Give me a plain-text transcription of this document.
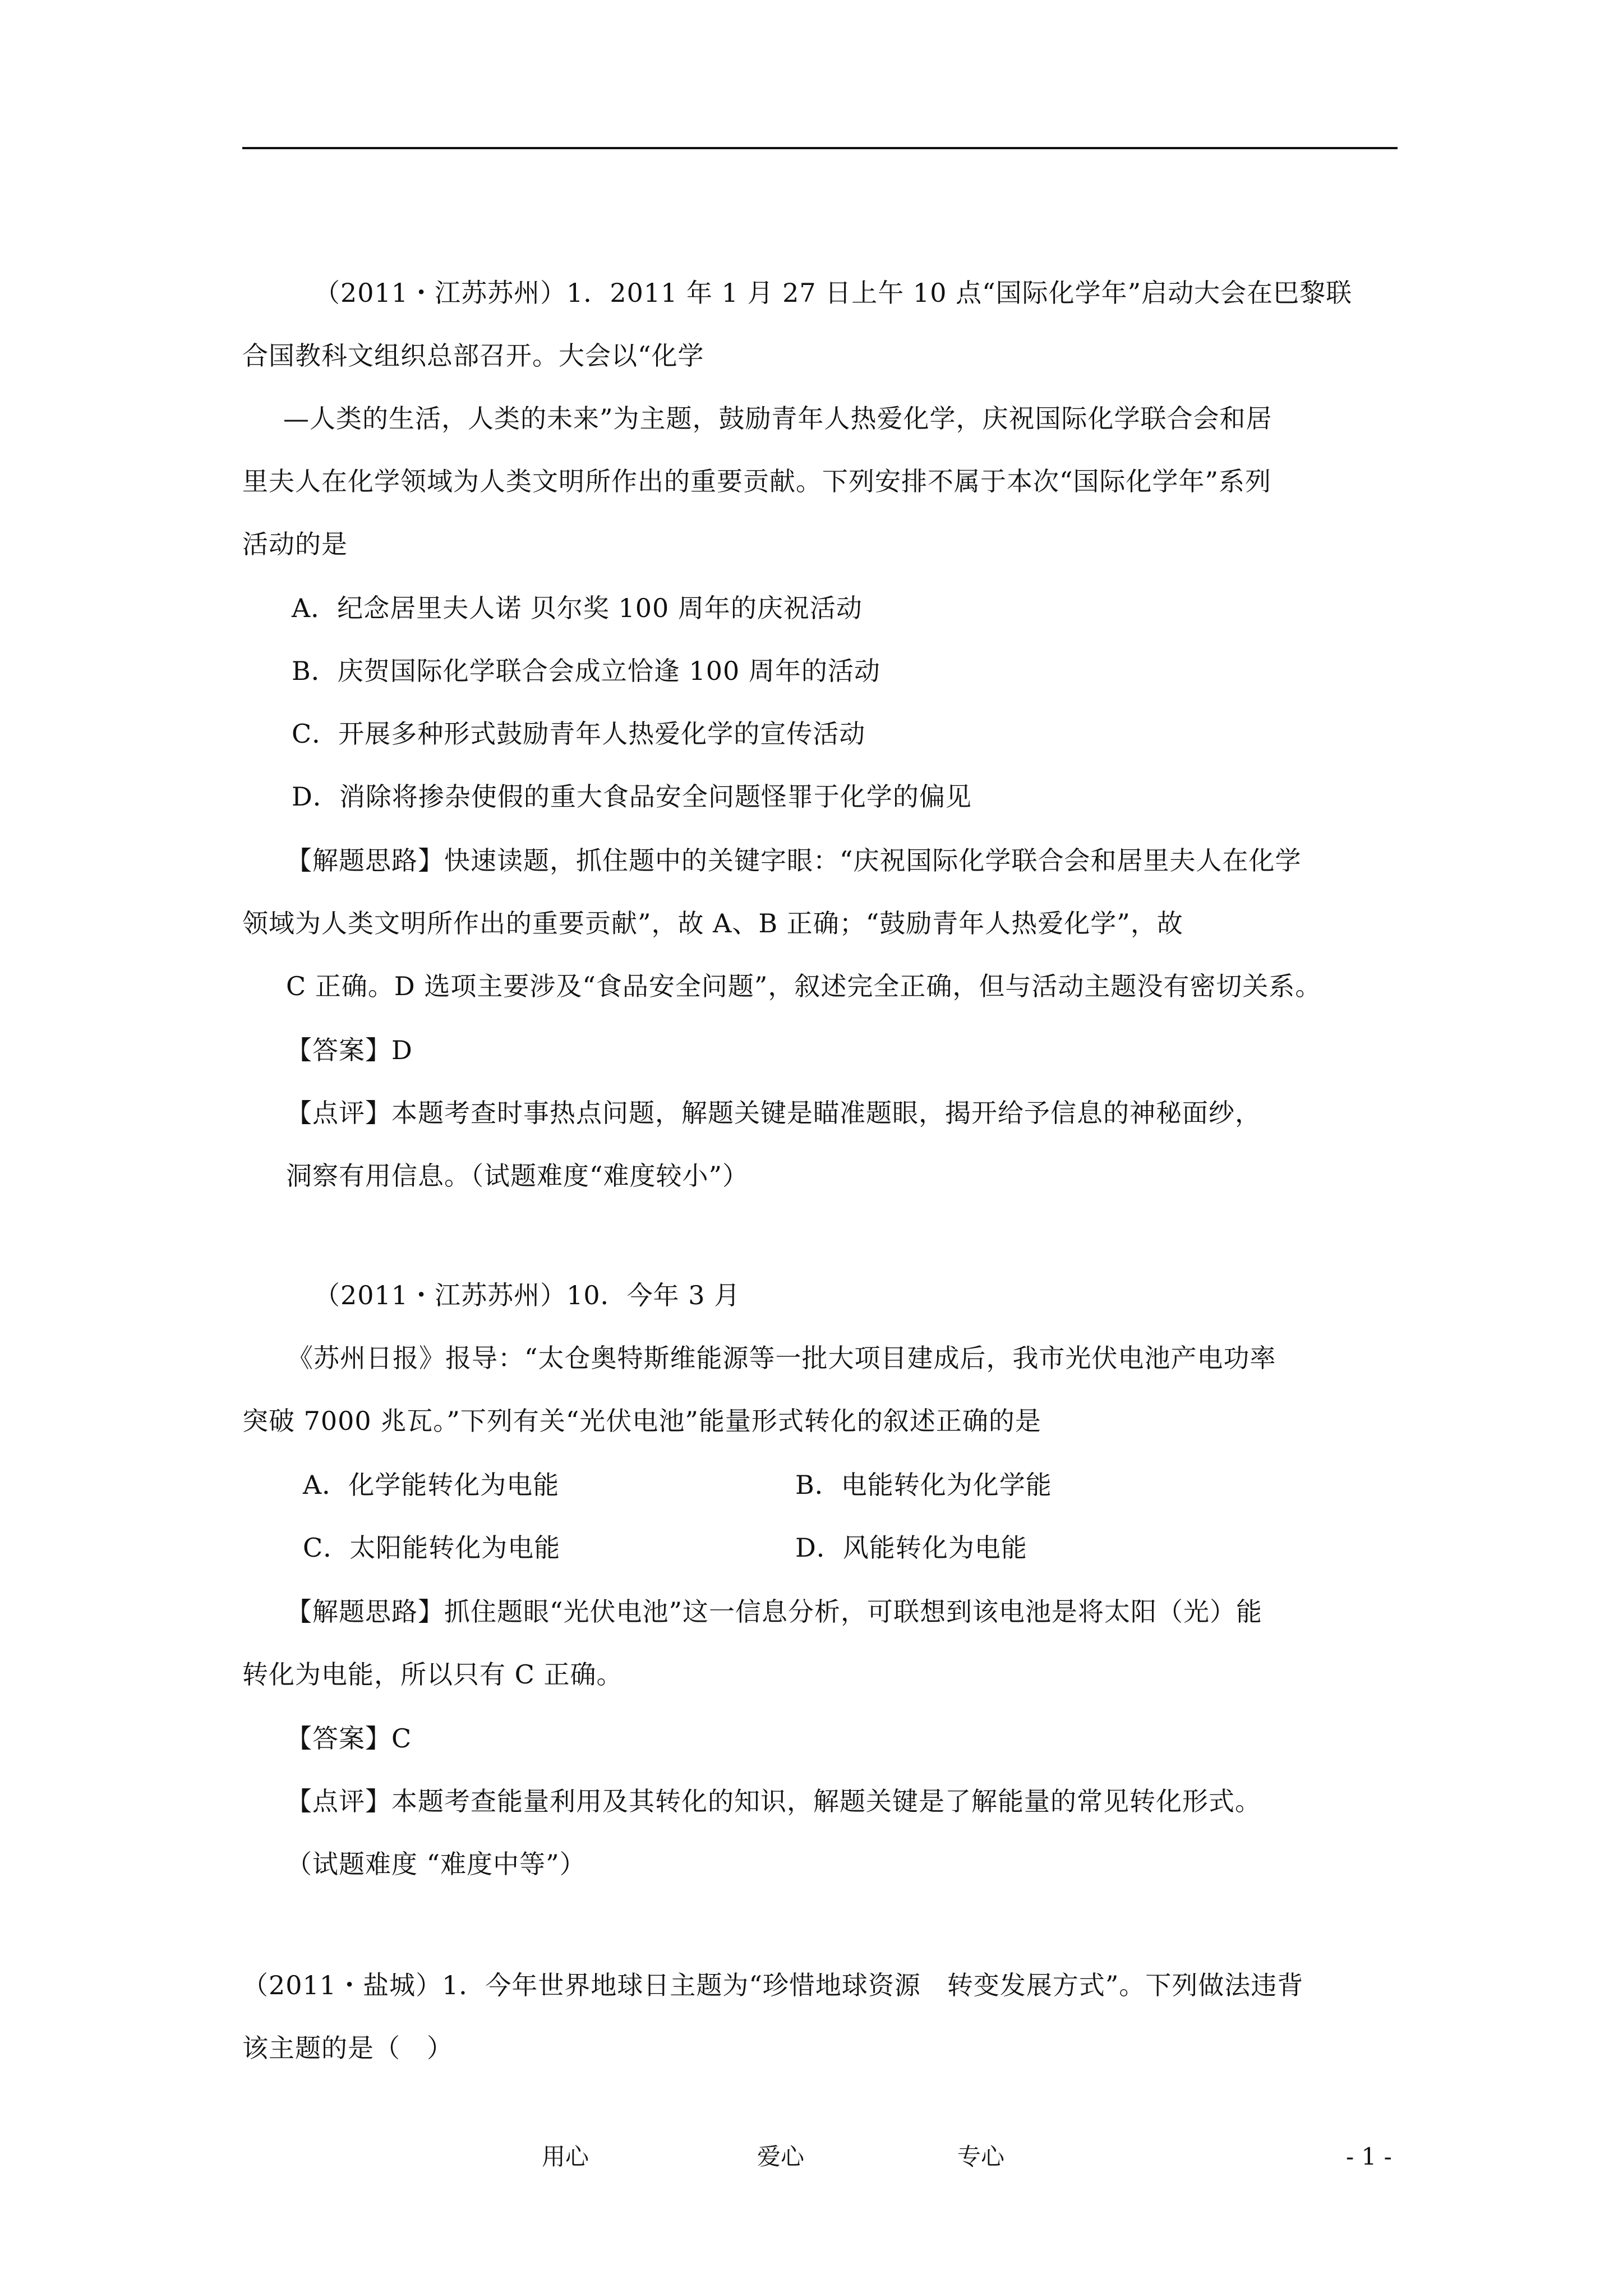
（2011・江苏苏州）1．2011 年 1 月 27 日上午 10 点“国际化学年”启动大会在巴黎联
合国教科文组织总部召开。大会以“化学
—人类的生活，人类的未来”为主题，鼓励青年人热爱化学，庆祝国际化学联合会和居
里夫人在化学领域为人类文明所作出的重要贡献。下列安排不属于本次“国际化学年”系列
活动的是
A．纪念居里夫人诺 贝尔奖 100 周年的庆祝活动
B．庆贺国际化学联合会成立恰逢 100 周年的活动
C．开展多种形式鼓励青年人热爱化学的宣传活动
D．消除将掺杂使假的重大食品安全问题怪罪于化学的偏见
【解题思路】快速读题，抓住题中的关键字眼：“庆祝国际化学联合会和居里夫人在化学
领域为人类文明所作出的重要贡献”，故 A、B 正确；“鼓励青年人热爱化学”，故
C 正确。D 选项主要涉及“食品安全问题”，叙述完全正确，但与活动主题没有密切关系。
【答案】D
【点评】本题考查时事热点问题，解题关键是瞄准题眼，揭开给予信息的神秘面纱，
洞察有用信息。（试题难度“难度较小”）
（2011・江苏苏州）10．今年 3 月
《苏州日报》报导：“太仓奥特斯维能源等一批大项目建成后，我市光伏电池产电功率
突破 7000 兆瓦。”下列有关“光伏电池”能量形式转化的叙述正确的是
A．化学能转化为电能	B．电能转化为化学能
C．太阳能转化为电能	D．风能转化为电能
【解题思路】抓住题眼“光伏电池”这一信息分析，可联想到该电池是将太阳（光）能
转化为电能，所以只有 C 正确。
【答案】C
【点评】本题考查能量利用及其转化的知识，解题关键是了解能量的常见转化形式。
（试题难度 “难度中等”）
（2011・盐城）1．今年世界地球日主题为“珍惜地球资源　转变发展方式”。下列做法违背
该主题的是（　）
用心	爱心	专心	- 1 -
